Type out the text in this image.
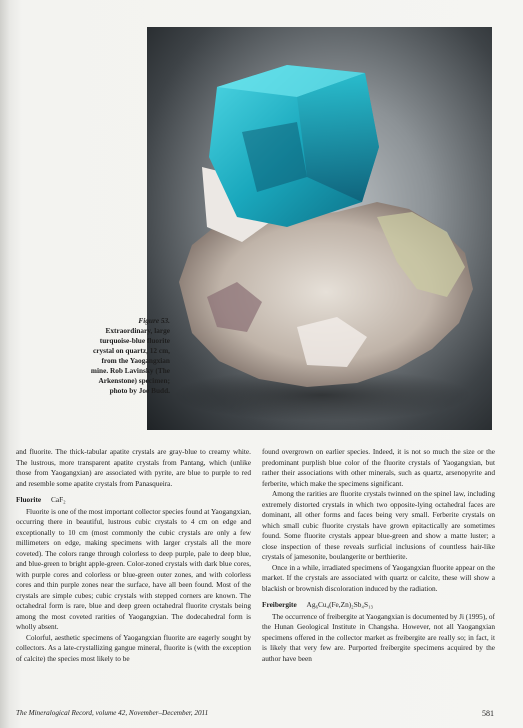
Figure 53.
Extraordinary, large
turquoise-blue fluorite
crystal on quartz, 12 cm,
from the Yaogangxian
mine. Rob Lavinsky (The
Arkenstone) specimen;
photo by Joe Budd.

and fluorite. The thick-tabular apatite crystals are gray-blue to creamy white. The lustrous, more transparent apatite crystals from Pantang, which (unlike those from Yaogangxian) are associated with pyrite, are blue to purple to red and resemble some apatite crystals from Panasqueira.

Fluorite CaF₂

Fluorite is one of the most important collector species found at Yaogangxian, occurring there in beautiful, lustrous cubic crystals to 4 cm on edge and exceptionally to 10 cm (most commonly the cubic crystals are only a few millimeters on edge, making specimens with larger crystals all the more coveted). The colors range through colorless to deep purple, pale to deep blue, and blue-green to bright apple-green. Color-zoned crystals with dark blue cores, with purple cores and colorless or blue-green outer zones, and with colorless cores and thin purple zones near the surface, have all been found. Most of the crystals are simple cubes; cubic crystals with stepped corners are known. The octahedral form is rare, blue and deep green octahedral fluorite crystals being among the most coveted rarities of Yaogangxian. The dodecahedral form is wholly absent.

Colorful, aesthetic specimens of Yaogangxian fluorite are eagerly sought by collectors. As a late-crystallizing gangue mineral, fluorite is (with the exception of calcite) the species most likely to be

found overgrown on earlier species. Indeed, it is not so much the size or the predominant purplish blue color of the fluorite crystals of Yaogangxian, but rather their associations with other minerals, such as quartz, arsenopyrite and ferberite, which make the specimens significant.

Among the rarities are fluorite crystals twinned on the spinel law, including extremely distorted crystals in which two opposite-lying octahedral faces are dominant, all other forms and faces being very small. Ferberite crystals on which small cubic fluorite crystals have grown epitactically are sometimes found. Some fluorite crystals appear blue-green and show a matte luster; a close inspection of these reveals surficial inclusions of countless hair-like crystals of jamesonite, boulangerite or berthierite.

Once in a while, irradiated specimens of Yaogangxian fluorite appear on the market. If the crystals are associated with quartz or calcite, these will show a blackish or brownish discoloration induced by the radiation.

Freibergite Ag₆Cu₄(Fe,Zn)₂Sb₄S₁₃

The occurrence of freibergite at Yaogangxian is documented by Ji (1995), of the Hunan Geological Institute in Changsha. However, not all Yaogangxian specimens offered in the collector market as freibergite are really so; in fact, it is likely that very few are. Purported freibergite specimens acquired by the author have been

The Mineralogical Record, volume 42, November–December, 2011	581
